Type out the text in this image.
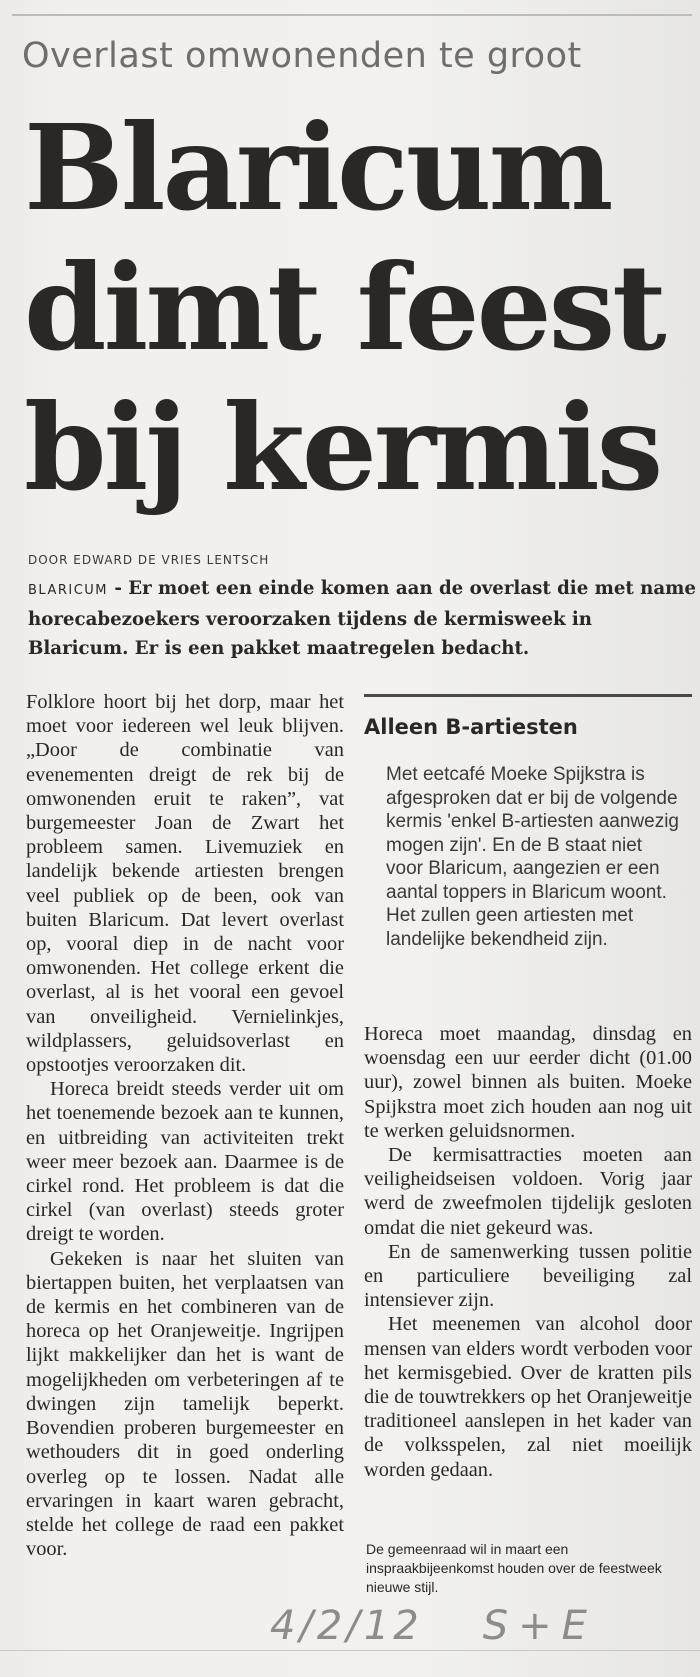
Overlast omwonenden te groot
Blaricum
dimt feest
bij kermis
DOOR EDWARD DE VRIES LENTSCH
BLARICUM - Er moet een einde komen aan de overlast die met name horecabezoekers veroorzaken tijdens de kermisweek in Blaricum. Er is een pakket maatregelen bedacht.

Folklore hoort bij het dorp, maar het moet voor iedereen wel leuk blijven. „Door de combinatie van evenementen dreigt de rek bij de omwonenden eruit te raken”, vat burgemeester Joan de Zwart het probleem samen. Livemuziek en landelijk bekende artiesten brengen veel publiek op de been, ook van buiten Blaricum. Dat levert overlast op, vooral diep in de nacht voor omwonenden. Het college erkent die overlast, al is het vooral een gevoel van onveiligheid. Vernielinkjes, wildplassers, geluidsoverlast en opstootjes veroorzaken dit.

Horeca breidt steeds verder uit om het toenemende bezoek aan te kunnen, en uitbreiding van activiteiten trekt weer meer bezoek aan. Daarmee is de cirkel rond. Het probleem is dat die cirkel (van overlast) steeds groter dreigt te worden.

Gekeken is naar het sluiten van biertappen buiten, het verplaatsen van de kermis en het combineren van de horeca op het Oranjeweitje. Ingrijpen lijkt makkelijker dan het is want de mogelijkheden om verbeteringen af te dwingen zijn tamelijk beperkt. Bovendien proberen burgemeester en wethouders dit in goed onderling overleg op te lossen. Nadat alle ervaringen in kaart waren gebracht, stelde het college de raad een pakket voor.

Alleen B-artiesten
Met eetcafé Moeke Spijkstra is afgesproken dat er bij de volgende kermis 'enkel B-artiesten aanwezig mogen zijn'. En de B staat niet voor Blaricum, aangezien er een aantal toppers in Blaricum woont. Het zullen geen artiesten met landelijke bekendheid zijn.

Horeca moet maandag, dinsdag en woensdag een uur eerder dicht (01.00 uur), zowel binnen als buiten. Moeke Spijkstra moet zich houden aan nog uit te werken geluidsnormen.

De kermisattracties moeten aan veiligheidseisen voldoen. Vorig jaar werd de zweefmolen tijdelijk gesloten omdat die niet gekeurd was.

En de samenwerking tussen politie en particuliere beveiliging zal intensiever zijn.

Het meenemen van alcohol door mensen van elders wordt verboden voor het kermisgebied. Over de kratten pils die de touwtrekkers op het Oranjeweitje traditioneel aanslepen in het kader van de volksspelen, zal niet moeilijk worden gedaan.

De gemeenraad wil in maart een inspraakbijeenkomst houden over de feestweek nieuwe stijl.
4/2/12 S+E
